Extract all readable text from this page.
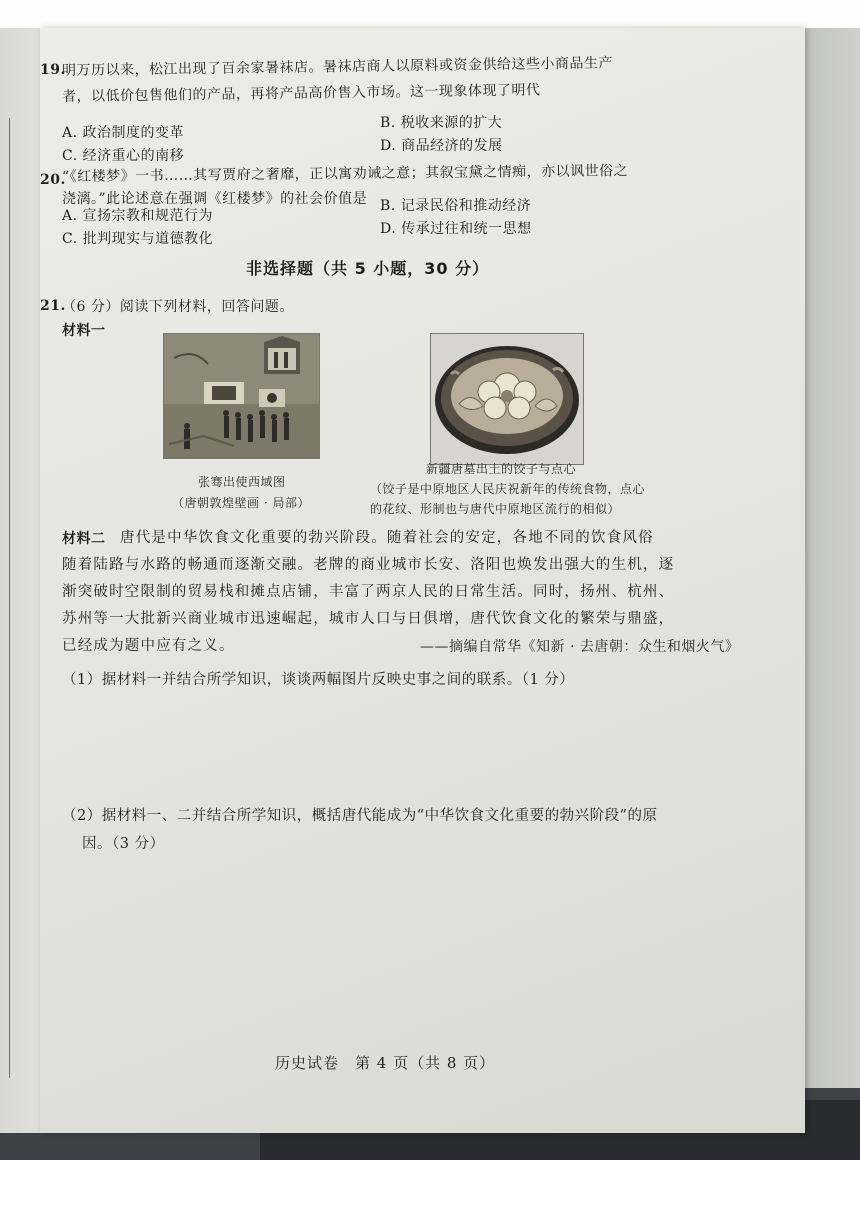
19.
明万历以来，松江出现了百余家暑袜店。暑袜店商人以原料或资金供给这些小商品生产
者，以低价包售他们的产品，再将产品高价售入市场。这一现象体现了明代
A. 政治制度的变革
B. 税收来源的扩大
C. 经济重心的南移
D. 商品经济的发展
20.
“《红楼梦》一书……其写贾府之奢靡，正以寓劝诫之意；其叙宝黛之情痴，亦以讽世俗之
浇漓。”此论述意在强调《红楼梦》的社会价值是
A. 宣扬宗教和规范行为
B. 记录民俗和推动经济
C. 批判现实与道德教化
D. 传承过往和统一思想
非选择题（共 5 小题，30 分）
21.
（6 分）阅读下列材料，回答问题。
材料一
张骞出使西域图
（唐朝敦煌壁画 · 局部）
新疆唐墓出土的饺子与点心
（饺子是中原地区人民庆祝新年的传统食物，点心
的花纹、形制也与唐代中原地区流行的相似）
材料二 唐代是中华饮食文化重要的勃兴阶段。随着社会的安定，各地不同的饮食风俗
随着陆路与水路的畅通而逐渐交融。老牌的商业城市长安、洛阳也焕发出强大的生机，逐
渐突破时空限制的贸易栈和摊点店铺，丰富了两京人民的日常生活。同时，扬州、杭州、
苏州等一大批新兴商业城市迅速崛起，城市人口与日俱增，唐代饮食文化的繁荣与鼎盛，
已经成为题中应有之义。	——摘编自常华《知新 · 去唐朝：众生和烟火气》
（1）据材料一并结合所学知识，谈谈两幅图片反映史事之间的联系。（1 分）
（2）据材料一、二并结合所学知识，概括唐代能成为“中华饮食文化重要的勃兴阶段”的原
因。（3 分）
历史试卷　第 4 页（共 8 页）
